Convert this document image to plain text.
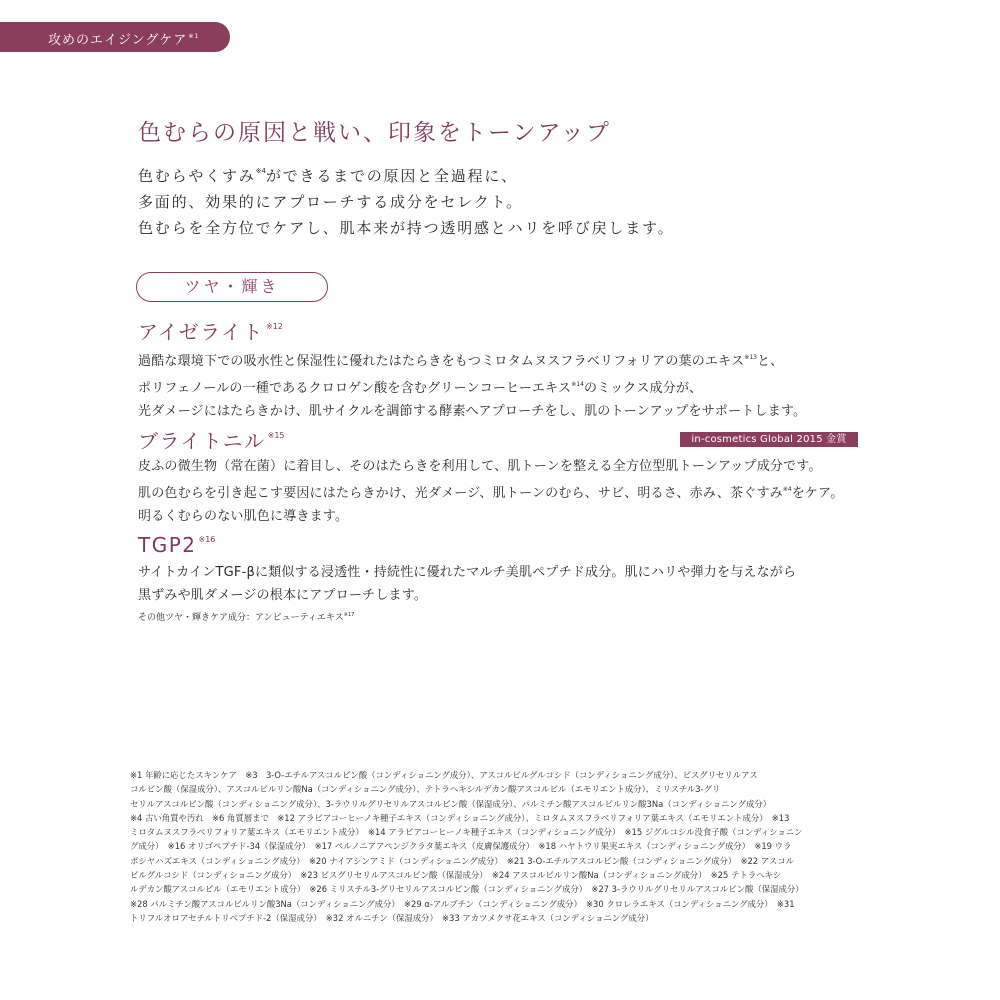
攻めのエイジングケア$^{※1}$
色むらの原因と戦い、印象をトーンアップ
色むらやくすみ$^{※4}$ができるまでの原因と全過程に、
多面的、効果的にアプローチする成分をセレクト。
色むらを全方位でケアし、肌本来が持つ透明感とハリを呼び戻します。
ツヤ・輝き
アイゼライト $^{※12}$
過酷な環境下での吸水性と保湿性に優れたはたらきをもつミロタムヌスフラベリフォリアの葉のエキス$^{※13}$と、
ポリフェノールの一種であるクロロゲン酸を含むグリーンコーヒーエキス$^{※14}$のミックス成分が、
光ダメージにはたらきかけ、肌サイクルを調節する酵素へアプローチをし、肌のトーンアップをサポートします。
ブライトニル $^{※15}$	in-cosmetics Global 2015 金賞
皮ふの微生物（常在菌）に着目し、そのはたらきを利用して、肌トーンを整える全方位型肌トーンアップ成分です。
肌の色むらを引き起こす要因にはたらきかけ、光ダメージ、肌トーンのむら、サビ、明るさ、赤み、茶ぐすみ$^{※4}$をケア。
明るくむらのない肌色に導きます。
TGP2 $^{※16}$
サイトカインTGF-βに類似する浸透性・持続性に優れたマルチ美肌ペプチド成分。肌にハリや弾力を与えながら
黒ずみや肌ダメージの根本にアプローチします。
その他ツヤ・輝きケア成分：アンビューティエキス$^{※17}$
※1 年齢に応じたスキンケア　※3　3-O-エチルアスコルビン酸（コンディショニング成分）、アスコルビルグルコシド（コンディショニング成分）、ビスグリセリルアス
コルビン酸（保湿成分）、アスコルビルリン酸Na（コンディショニング成分）、テトラヘキシルデカン酸アスコルビル（エモリエント成分）、ミリスチル3-グリ
セリルアスコルビン酸（コンディショニング成分）、3-ラウリルグリセリルアスコルビン酸（保湿成分）、パルミチン酸アスコルビルリン酸3Na（コンディショニング成分）
※4 古い角質や汚れ　※6 角質層まで　※12 アラビアコーヒーノキ種子エキス（コンディショニング成分）、ミロタムヌスフラベリフォリア葉エキス（エモリエント成分）　※13
ミロタムヌスフラベリフォリア葉エキス（エモリエント成分）　※14 アラビアコーヒーノキ種子エキス（コンディショニング成分）　※15 ジグルコシル没食子酸（コンディショニン
グ成分）　※16 オリゴペプチド-34（保湿成分）　※17 ペルノニアアペンジクラタ葉エキス（皮膚保護成分）　※18 ハヤトウリ果実エキス（コンディショニング成分）　※19 ウラ
ボシヤハズエキス（コンディショニング成分）　※20 ナイアシンアミド（コンディショニング成分）　※21 3-O-エチルアスコルビン酸（コンディショニング成分）　※22 アスコル
ビルグルコシド（コンディショニング成分）　※23 ビスグリセリルアスコルビン酸（保湿成分）　※24 アスコルビルリン酸Na（コンディショニング成分）　※25 テトラヘキシ
ルデカン酸アスコルビル（エモリエント成分）　※26 ミリスチル3-グリセリルアスコルビン酸（コンディショニング成分）　※27 3-ラウリルグリセリルアスコルビン酸（保湿成分）
※28 パルミチン酸アスコルビルリン酸3Na（コンディショニング成分）　※29 α-アルブチン（コンディショニング成分）　※30 クロレラエキス（コンディショニング成分）　※31
トリフルオロアセチルトリペプチド-2（保湿成分）　※32 オルニチン（保湿成分）　※33 アカツメクサ花エキス（コンディショニング成分）
